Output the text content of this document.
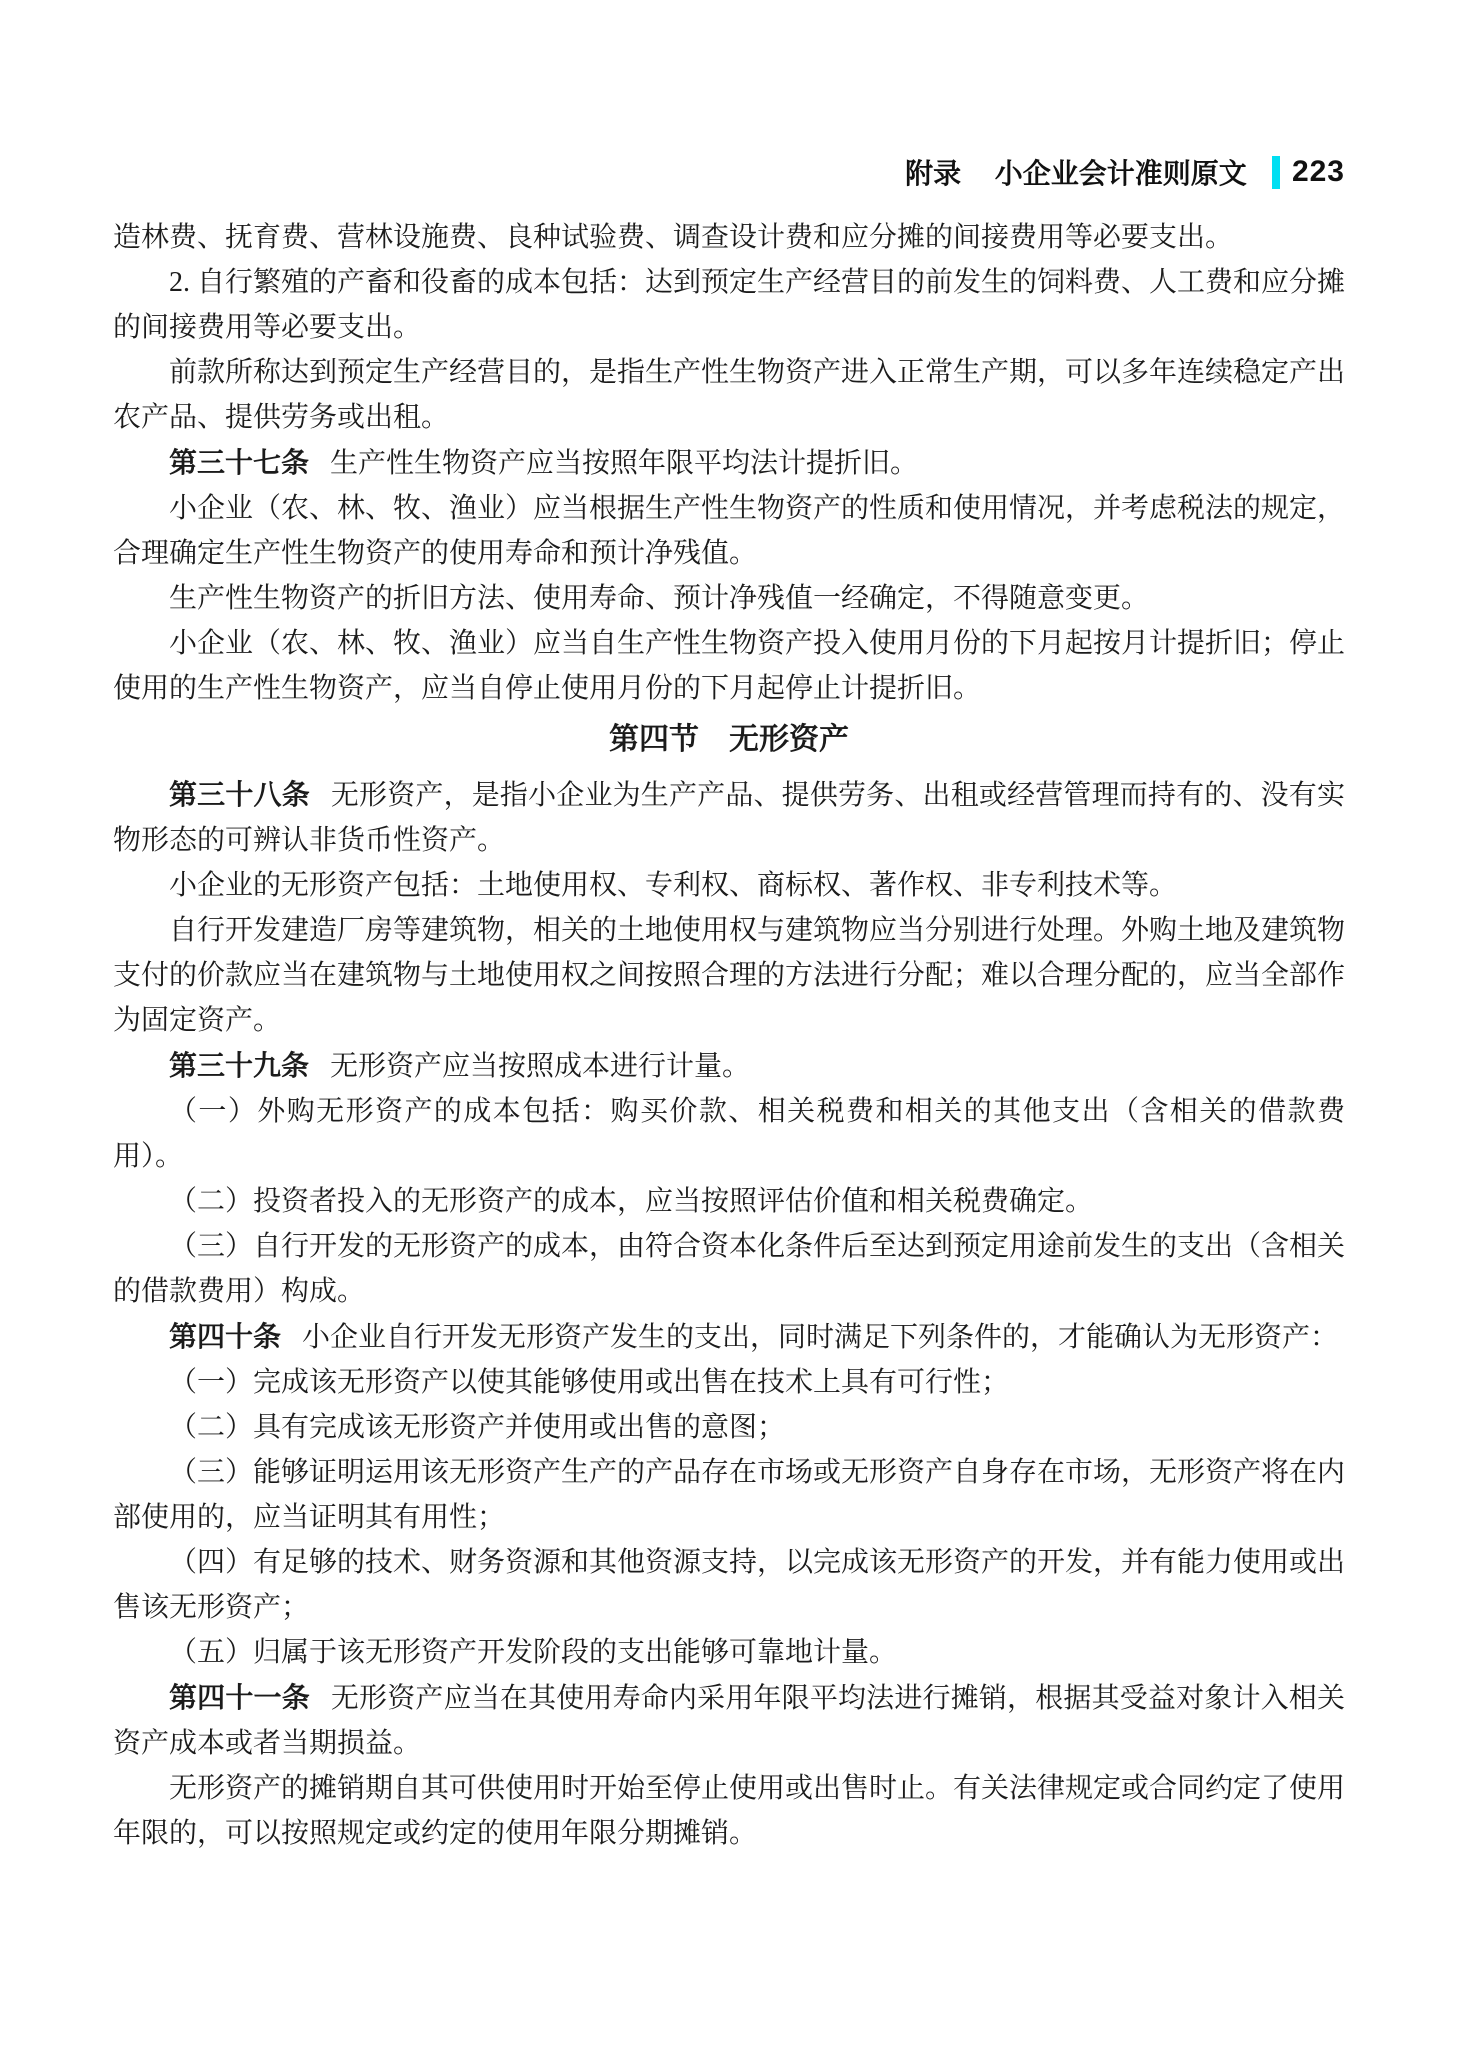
附录 小企业会计准则原文 223

造林费、抚育费、营林设施费、良种试验费、调查设计费和应分摊的间接费用等必要支出。

2. 自行繁殖的产畜和役畜的成本包括：达到预定生产经营目的前发生的饲料费、人工费和应分摊的间接费用等必要支出。

前款所称达到预定生产经营目的，是指生产性生物资产进入正常生产期，可以多年连续稳定产出农产品、提供劳务或出租。

第三十七条 生产性生物资产应当按照年限平均法计提折旧。

小企业（农、林、牧、渔业）应当根据生产性生物资产的性质和使用情况，并考虑税法的规定，合理确定生产性生物资产的使用寿命和预计净残值。

生产性生物资产的折旧方法、使用寿命、预计净残值一经确定，不得随意变更。

小企业（农、林、牧、渔业）应当自生产性生物资产投入使用月份的下月起按月计提折旧；停止使用的生产性生物资产，应当自停止使用月份的下月起停止计提折旧。

第四节　无形资产

第三十八条 无形资产，是指小企业为生产产品、提供劳务、出租或经营管理而持有的、没有实物形态的可辨认非货币性资产。

小企业的无形资产包括：土地使用权、专利权、商标权、著作权、非专利技术等。

自行开发建造厂房等建筑物，相关的土地使用权与建筑物应当分别进行处理。外购土地及建筑物支付的价款应当在建筑物与土地使用权之间按照合理的方法进行分配；难以合理分配的，应当全部作为固定资产。

第三十九条 无形资产应当按照成本进行计量。

（一）外购无形资产的成本包括：购买价款、相关税费和相关的其他支出（含相关的借款费用）。

（二）投资者投入的无形资产的成本，应当按照评估价值和相关税费确定。

（三）自行开发的无形资产的成本，由符合资本化条件后至达到预定用途前发生的支出（含相关的借款费用）构成。

第四十条 小企业自行开发无形资产发生的支出，同时满足下列条件的，才能确认为无形资产：

（一）完成该无形资产以使其能够使用或出售在技术上具有可行性；

（二）具有完成该无形资产并使用或出售的意图；

（三）能够证明运用该无形资产生产的产品存在市场或无形资产自身存在市场，无形资产将在内部使用的，应当证明其有用性；

（四）有足够的技术、财务资源和其他资源支持，以完成该无形资产的开发，并有能力使用或出售该无形资产；

（五）归属于该无形资产开发阶段的支出能够可靠地计量。

第四十一条 无形资产应当在其使用寿命内采用年限平均法进行摊销，根据其受益对象计入相关资产成本或者当期损益。

无形资产的摊销期自其可供使用时开始至停止使用或出售时止。有关法律规定或合同约定了使用年限的，可以按照规定或约定的使用年限分期摊销。
